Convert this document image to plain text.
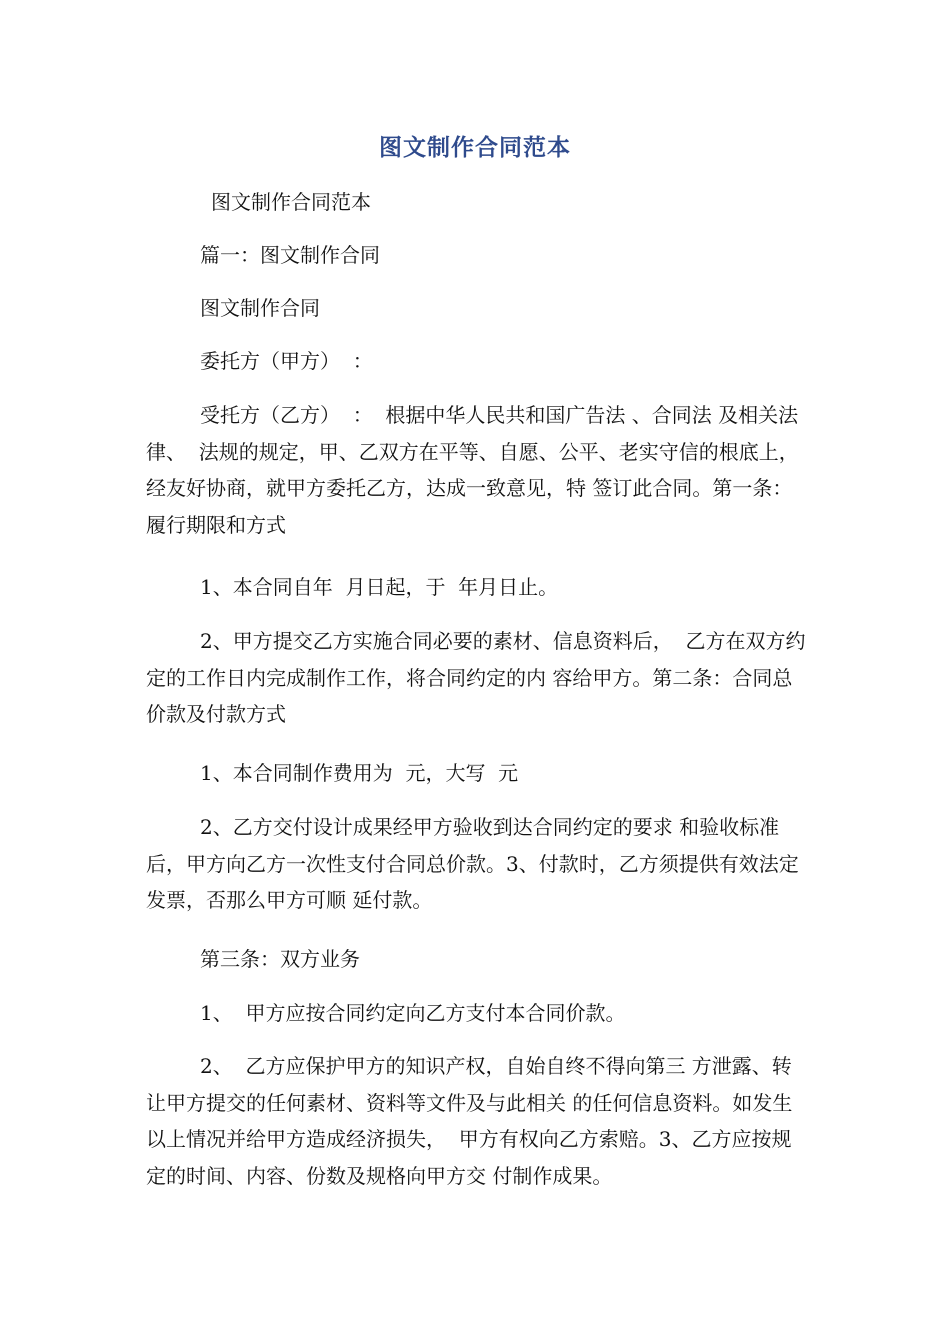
图文制作合同范本

图文制作合同范本

篇一：图文制作合同

图文制作合同

委托方（甲方）  ：

受托方（乙方）  ：  根据中华人民共和国广告法 、合同法 及相关法律、  法规的规定，甲、乙双方在平等、自愿、公平、老实守信的根底上，经友好协商，就甲方委托乙方，达成一致意见，特 签订此合同。第一条：履行期限和方式

1、本合同自年  月日起，于  年月日止。

2、甲方提交乙方实施合同必要的素材、信息资料后，  乙方在双方约定的工作日内完成制作工作，将合同约定的内 容给甲方。第二条：合同总价款及付款方式

1、本合同制作费用为  元，大写  元

2、乙方交付设计成果经甲方验收到达合同约定的要求 和验收标准后，甲方向乙方一次性支付合同总价款。3、付款时，乙方须提供有效法定发票，否那么甲方可顺 延付款。

第三条：双方业务

1、  甲方应按合同约定向乙方支付本合同价款。

2、  乙方应保护甲方的知识产权，自始自终不得向第三 方泄露、转让甲方提交的任何素材、资料等文件及与此相关 的任何信息资料。如发生以上情况并给甲方造成经济损失，  甲方有权向乙方索赔。3、乙方应按规定的时间、内容、份数及规格向甲方交 付制作成果。
